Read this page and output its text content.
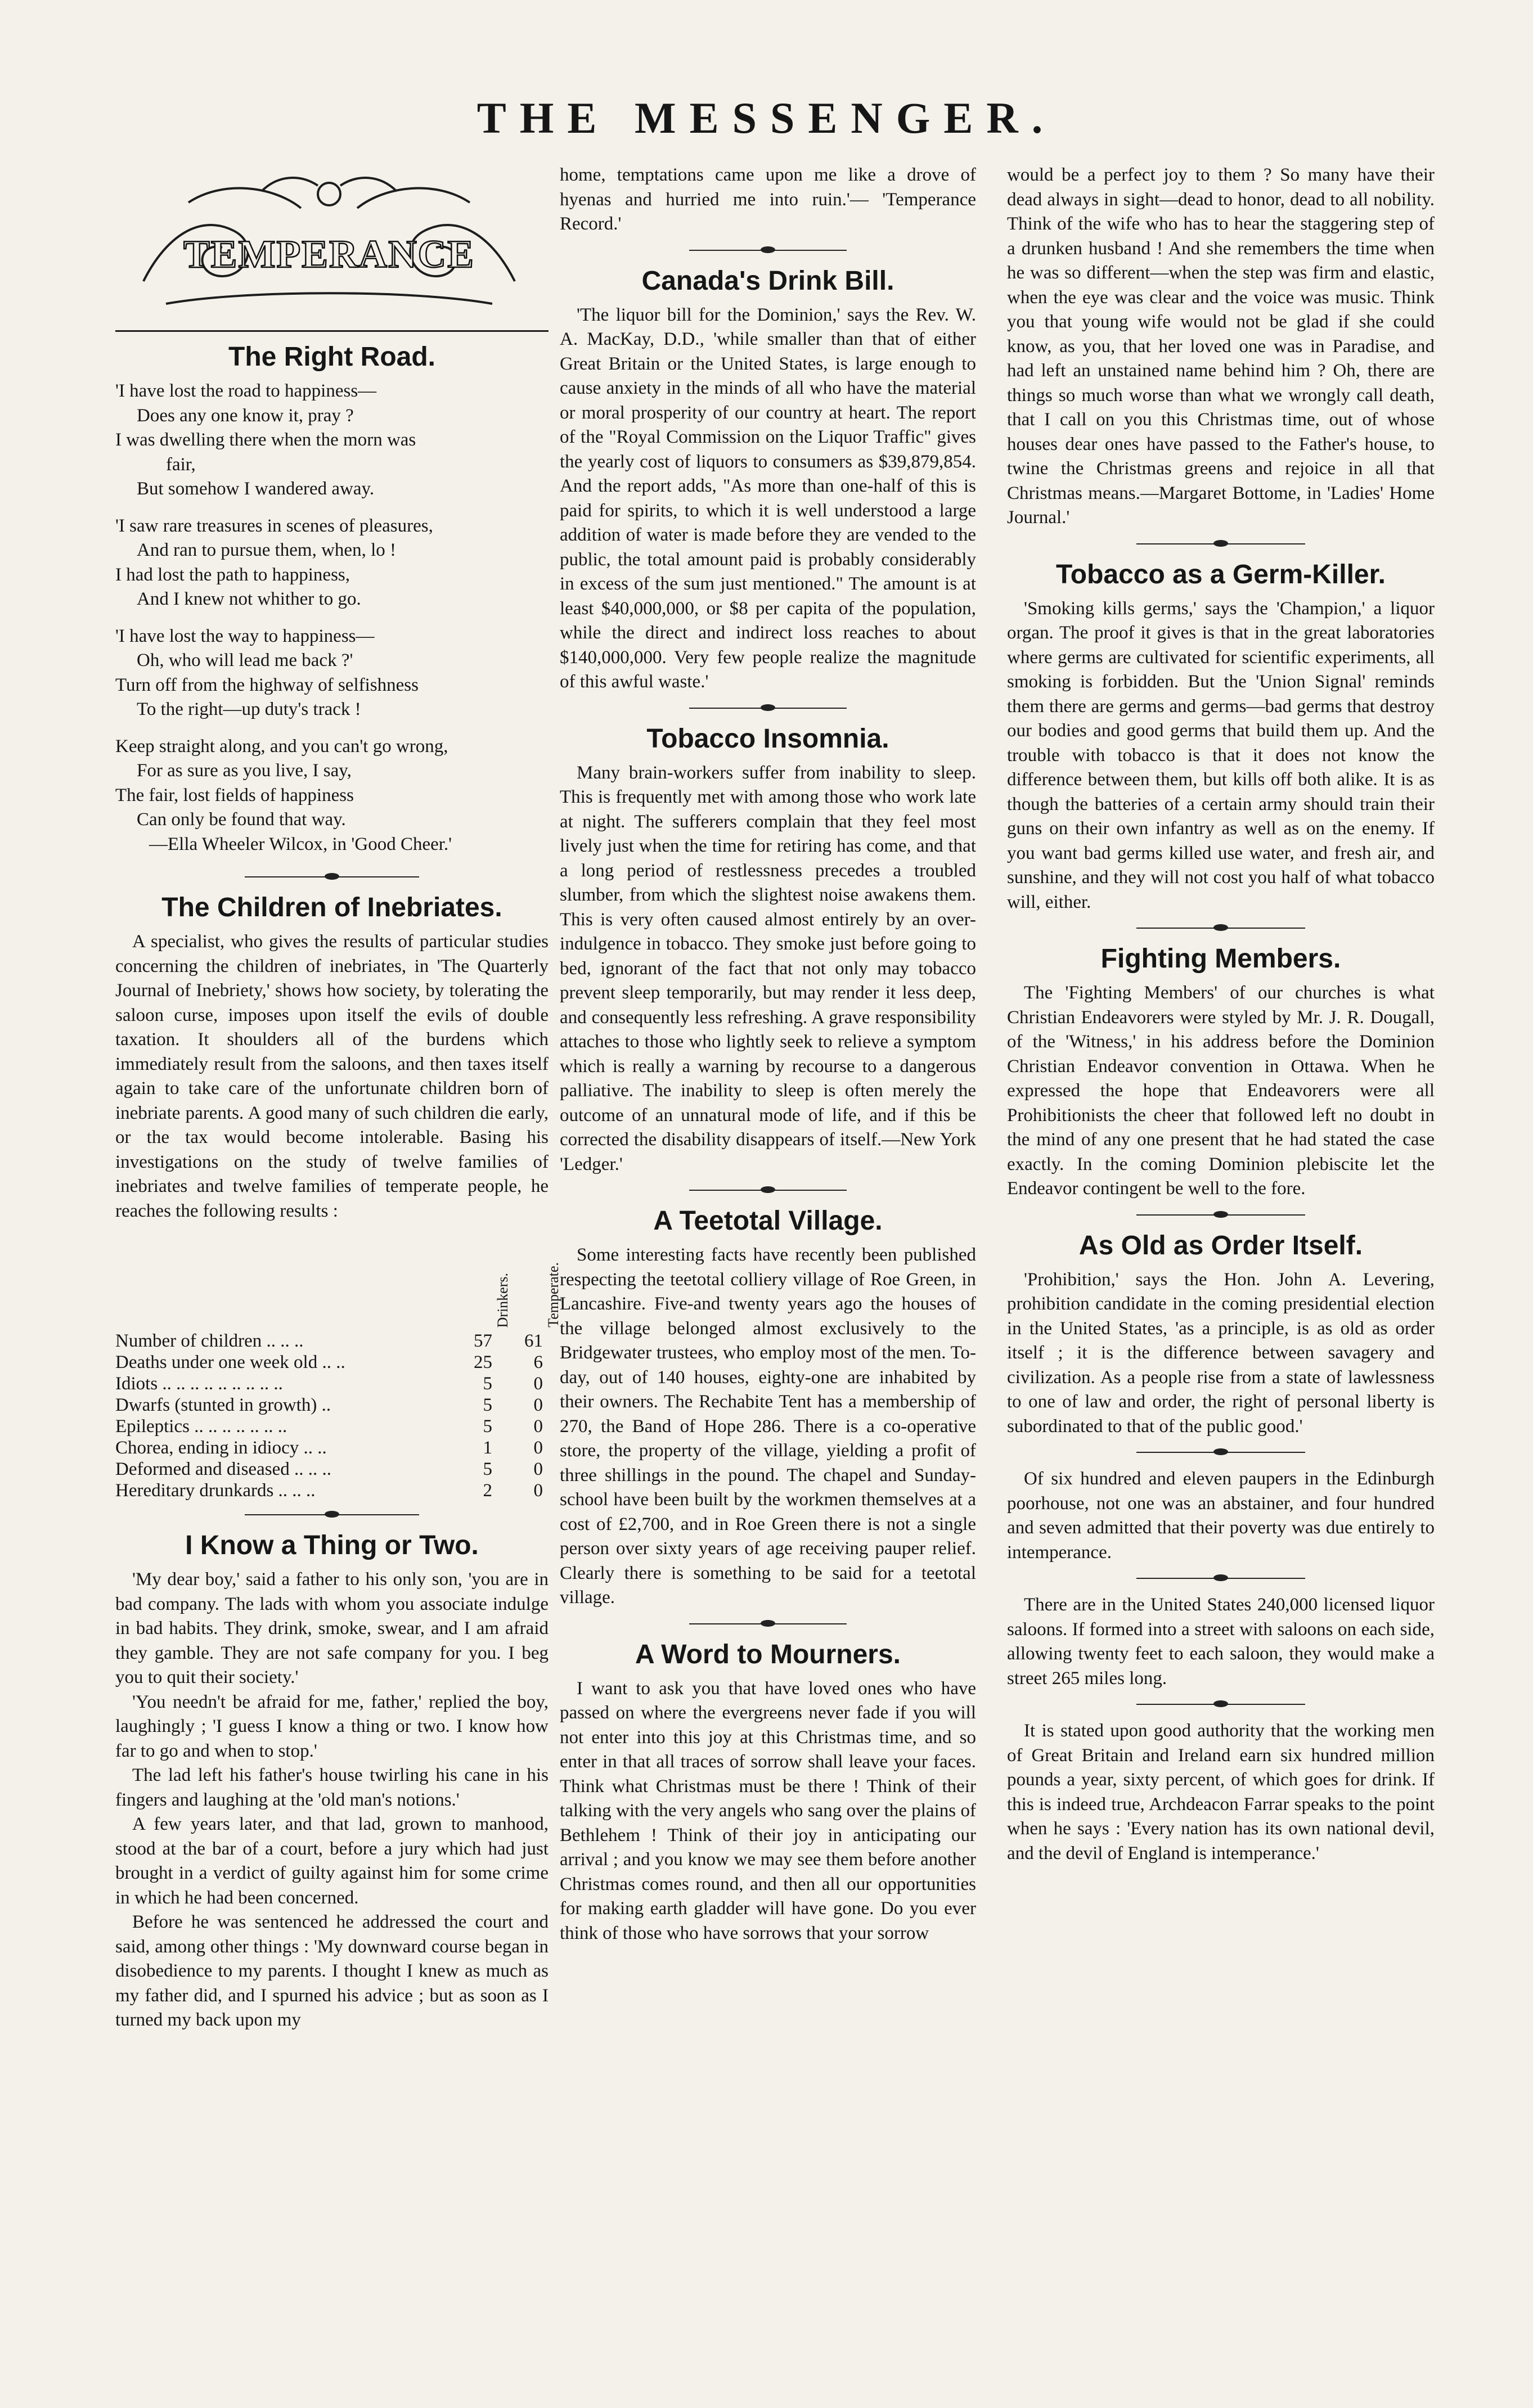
THE MESSENGER.
TEMPERANCE
The Right Road.
'I have lost the road to happiness—
Does any one know it, pray ?
I was dwelling there when the morn was
fair,
But somehow I wandered away.
'I saw rare treasures in scenes of pleasures,
And ran to pursue them, when, lo !
I had lost the path to happiness,
And I knew not whither to go.
'I have lost the way to happiness—
Oh, who will lead me back ?'
Turn off from the highway of selfishness
To the right—up duty's track !
Keep straight along, and you can't go wrong,
For as sure as you live, I say,
The fair, lost fields of happiness
Can only be found that way.
—Ella Wheeler Wilcox, in 'Good Cheer.'
The Children of Inebriates.

A specialist, who gives the results of particular studies concerning the children of inebriates, in 'The Quarterly Journal of Inebriety,' shows how society, by tolerating the saloon curse, imposes upon itself the evils of double taxation. It shoulders all of the burdens which immediately result from the saloons, and then taxes itself again to take care of the unfortunate children born of inebriate parents. A good many of such children die early, or the tax would become intolerable. Basing his investigations on the study of twelve families of inebriates and twelve families of temperate people, he reaches the following results :

	Drinkers.	Temperate.

Number of children .. .. ..	57	61
Deaths under one week old .. ..	25	6
Idiots .. .. .. .. .. .. .. .. ..	5	0
Dwarfs (stunted in growth) ..	5	0
Epileptics .. .. .. .. .. .. ..	5	0
Chorea, ending in idiocy .. ..	1	0
Deformed and diseased .. .. ..	5	0
Hereditary drunkards .. .. ..	2	0
I Know a Thing or Two.

'My dear boy,' said a father to his only son, 'you are in bad company. The lads with whom you associate indulge in bad habits. They drink, smoke, swear, and I am afraid they gamble. They are not safe company for you. I beg you to quit their society.'

'You needn't be afraid for me, father,' replied the boy, laughingly ; 'I guess I know a thing or two. I know how far to go and when to stop.'

The lad left his father's house twirling his cane in his fingers and laughing at the 'old man's notions.'

A few years later, and that lad, grown to manhood, stood at the bar of a court, before a jury which had just brought in a verdict of guilty against him for some crime in which he had been concerned.

Before he was sentenced he addressed the court and said, among other things : 'My downward course began in disobedience to my parents. I thought I knew as much as my father did, and I spurned his advice ; but as soon as I turned my back upon my

home, temptations came upon me like a drove of hyenas and hurried me into ruin.'— 'Temperance Record.'

Canada's Drink Bill.

'The liquor bill for the Dominion,' says the Rev. W. A. MacKay, D.D., 'while smaller than that of either Great Britain or the United States, is large enough to cause anxiety in the minds of all who have the material or moral prosperity of our country at heart. The report of the "Royal Commission on the Liquor Traffic" gives the yearly cost of liquors to consumers as $39,879,854. And the report adds, "As more than one-half of this is paid for spirits, to which it is well understood a large addition of water is made before they are vended to the public, the total amount paid is probably considerably in excess of the sum just mentioned." The amount is at least $40,000,000, or $8 per capita of the population, while the direct and indirect loss reaches to about $140,000,000. Very few people realize the magnitude of this awful waste.'

Tobacco Insomnia.

Many brain-workers suffer from inability to sleep. This is frequently met with among those who work late at night. The sufferers complain that they feel most lively just when the time for retiring has come, and that a long period of restlessness precedes a troubled slumber, from which the slightest noise awakens them. This is very often caused almost entirely by an over-indulgence in tobacco. They smoke just before going to bed, ignorant of the fact that not only may tobacco prevent sleep temporarily, but may render it less deep, and consequently less refreshing. A grave responsibility attaches to those who lightly seek to relieve a symptom which is really a warning by recourse to a dangerous palliative. The inability to sleep is often merely the outcome of an unnatural mode of life, and if this be corrected the disability disappears of itself.—New York 'Ledger.'

A Teetotal Village.

Some interesting facts have recently been published respecting the teetotal colliery village of Roe Green, in Lancashire. Five-and twenty years ago the houses of the village belonged almost exclusively to the Bridgewater trustees, who employ most of the men. To-day, out of 140 houses, eighty-one are inhabited by their owners. The Rechabite Tent has a membership of 270, the Band of Hope 286. There is a co-operative store, the property of the village, yielding a profit of three shillings in the pound. The chapel and Sunday-school have been built by the workmen themselves at a cost of £2,700, and in Roe Green there is not a single person over sixty years of age receiving pauper relief. Clearly there is something to be said for a teetotal village.

A Word to Mourners.

I want to ask you that have loved ones who have passed on where the evergreens never fade if you will not enter into this joy at this Christmas time, and so enter in that all traces of sorrow shall leave your faces. Think what Christmas must be there ! Think of their talking with the very angels who sang over the plains of Bethlehem ! Think of their joy in anticipating our arrival ; and you know we may see them before another Christmas comes round, and then all our opportunities for making earth gladder will have gone. Do you ever think of those who have sorrows that your sorrow

would be a perfect joy to them ? So many have their dead always in sight—dead to honor, dead to all nobility. Think of the wife who has to hear the staggering step of a drunken husband ! And she remembers the time when he was so different—when the step was firm and elastic, when the eye was clear and the voice was music. Think you that young wife would not be glad if she could know, as you, that her loved one was in Paradise, and had left an unstained name behind him ? Oh, there are things so much worse than what we wrongly call death, that I call on you this Christmas time, out of whose houses dear ones have passed to the Father's house, to twine the Christmas greens and rejoice in all that Christmas means.—Margaret Bottome, in 'Ladies' Home Journal.'

Tobacco as a Germ-Killer.

'Smoking kills germs,' says the 'Champion,' a liquor organ. The proof it gives is that in the great laboratories where germs are cultivated for scientific experiments, all smoking is forbidden. But the 'Union Signal' reminds them there are germs and germs—bad germs that destroy our bodies and good germs that build them up. And the trouble with tobacco is that it does not know the difference between them, but kills off both alike. It is as though the batteries of a certain army should train their guns on their own infantry as well as on the enemy. If you want bad germs killed use water, and fresh air, and sunshine, and they will not cost you half of what tobacco will, either.

Fighting Members.

The 'Fighting Members' of our churches is what Christian Endeavorers were styled by Mr. J. R. Dougall, of the 'Witness,' in his address before the Dominion Christian Endeavor convention in Ottawa. When he expressed the hope that Endeavorers were all Prohibitionists the cheer that followed left no doubt in the mind of any one present that he had stated the case exactly. In the coming Dominion plebiscite let the Endeavor contingent be well to the fore.

As Old as Order Itself.

'Prohibition,' says the Hon. John A. Levering, prohibition candidate in the coming presidential election in the United States, 'as a principle, is as old as order itself ; it is the difference between savagery and civilization. As a people rise from a state of lawlessness to one of law and order, the right of personal liberty is subordinated to that of the public good.'

Of six hundred and eleven paupers in the Edinburgh poorhouse, not one was an abstainer, and four hundred and seven admitted that their poverty was due entirely to intemperance.

There are in the United States 240,000 licensed liquor saloons. If formed into a street with saloons on each side, allowing twenty feet to each saloon, they would make a street 265 miles long.

It is stated upon good authority that the working men of Great Britain and Ireland earn six hundred million pounds a year, sixty percent, of which goes for drink. If this is indeed true, Archdeacon Farrar speaks to the point when he says : 'Every nation has its own national devil, and the devil of England is intemperance.'
